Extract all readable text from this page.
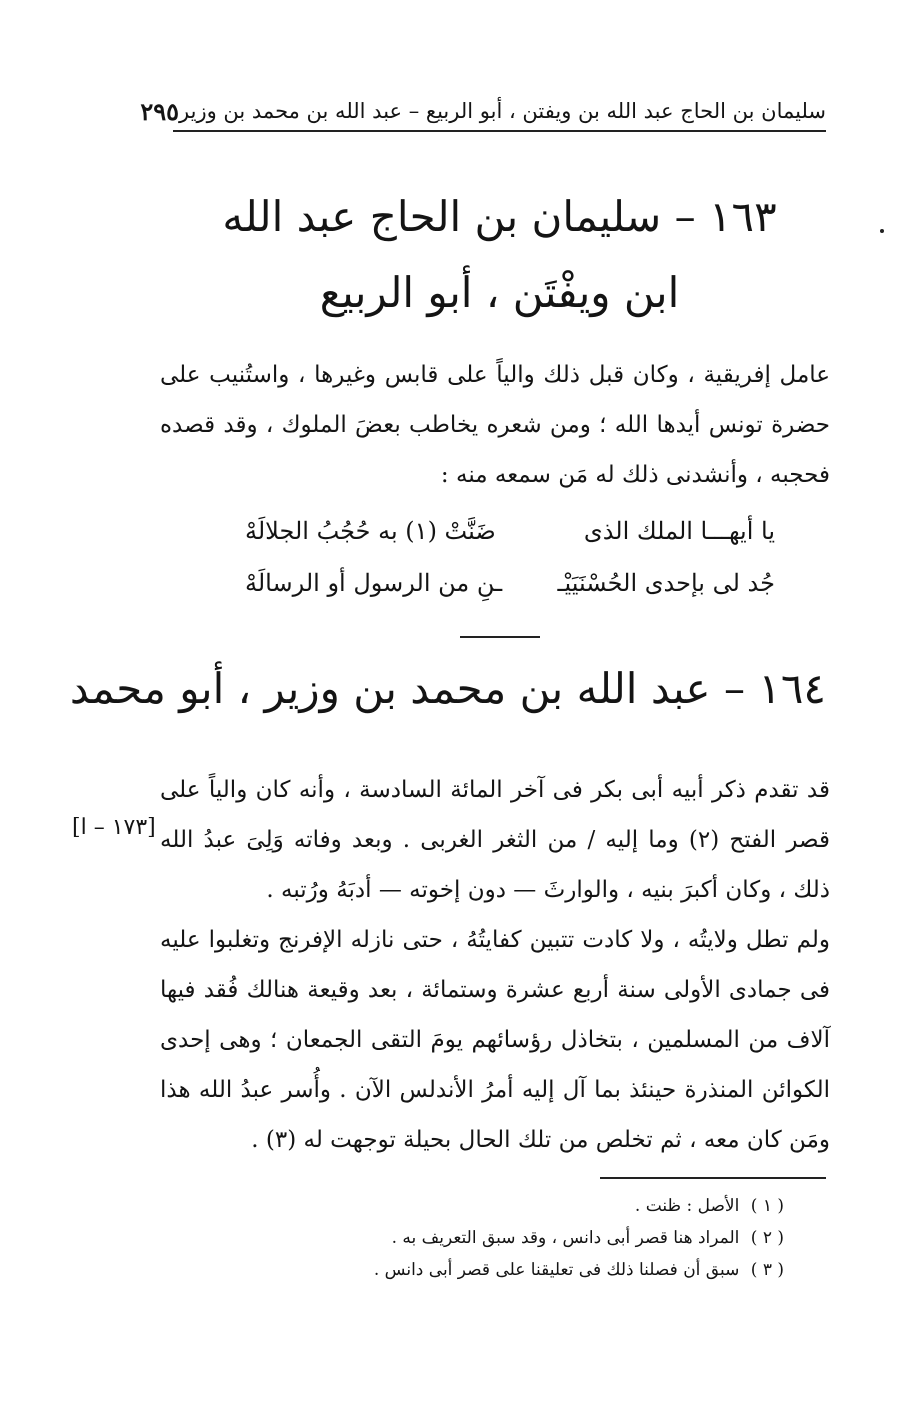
سليمان بن الحاج عبد الله بن ويفتن ، أبو الربيع – عبد الله بن محمد بن وزير
٢٩٥
١٦٣ – سليمان بن الحاج عبد الله
ابن ويفْتَن ، أبو الربيع

عامل إفريقية ، وكان قبل ذلك والياً على قابس وغيرها ، واستُنيب على حضرة تونس أيدها الله ؛ ومن شعره يخاطب بعضَ الملوك ، وقد قصده فحجبه ، وأنشدنى ذلك له مَن سمعه منه :

يا أيهـــا الملك الذى
ضَنَّتْ (١) به حُجُبُ الجلالَهْ
جُد لى بإحدى الحُسْنَيَيْـ
ـنِ من الرسول أو الرسالَهْ
١٦٤ – عبد الله بن محمد بن وزير ، أبو محمد

قد تقدم ذكر أبيه أبى بكر فى آخر المائة السادسة ، وأنه كان والياً على قصر الفتح (٢) وما إليه / من الثغر الغربى . وبعد وفاته وَلِىَ عبدُ الله ذلك ، وكان أكبرَ بنيه ، والوارثَ — دون إخوته — أدبَهُ ورُتبه .

[١٧٣ – ا]

ولم تطل ولايتُه ، ولا كادت تتبين كفايتُهُ ، حتى نازله الإفرنج وتغلبوا عليه فى جمادى الأولى سنة أربع عشرة وستمائة ، بعد وقيعة هنالك فُقد فيها آلاف من المسلمين ، بتخاذل رؤسائهم يومَ التقى الجمعان ؛ وهى إحدى الكوائن المنذرة حينئذ بما آل إليه أمرُ الأندلس الآن . وأُسر عبدُ الله هذا ومَن كان معه ، ثم تخلص من تلك الحال بحيلة توجهت له (٣) .

( ١ ) الأصل : ظنت .
( ٢ ) المراد هنا قصر أبى دانس ، وقد سبق التعريف به .
( ٣ ) سبق أن فصلنا ذلك فى تعليقنا على قصر أبى دانس .
